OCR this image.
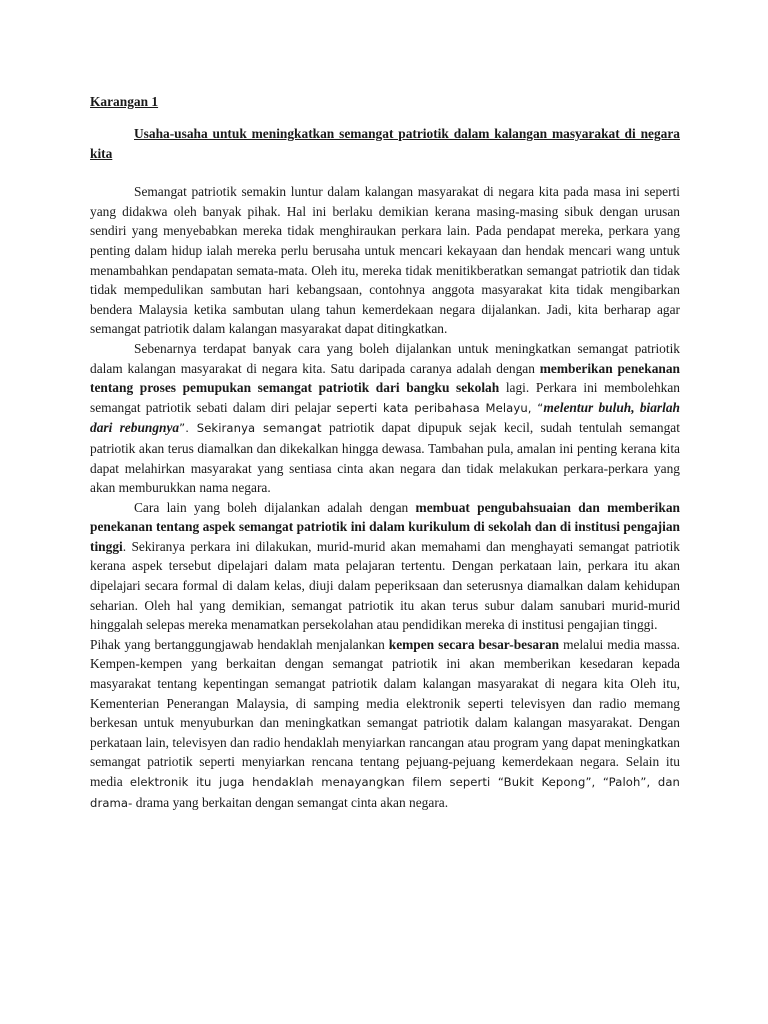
Karangan 1
Usaha-usaha untuk meningkatkan semangat patriotik dalam kalangan masyarakat di negara kita

Semangat patriotik semakin luntur dalam kalangan masyarakat di negara kita pada masa ini seperti yang didakwa oleh banyak pihak. Hal ini berlaku demikian kerana masing-masing sibuk dengan urusan sendiri yang menyebabkan mereka tidak menghiraukan perkara lain. Pada pendapat mereka, perkara yang penting dalam hidup ialah mereka perlu berusaha untuk mencari kekayaan dan hendak mencari wang untuk menambahkan pendapatan semata-mata. Oleh itu, mereka tidak menitikberatkan semangat patriotik dan tidak tidak mempedulikan sambutan hari kebangsaan, contohnya anggota masyarakat kita tidak mengibarkan bendera Malaysia ketika sambutan ulang tahun kemerdekaan negara dijalankan. Jadi, kita berharap agar semangat patriotik dalam kalangan masyarakat dapat ditingkatkan.

Sebenarnya terdapat banyak cara yang boleh dijalankan untuk meningkatkan semangat patriotik dalam kalangan masyarakat di negara kita. Satu daripada caranya adalah dengan memberikan penekanan tentang proses pemupukan semangat patriotik dari bangku sekolah lagi. Perkara ini membolehkan semangat patriotik sebati dalam diri pelajar seperti kata peribahasa Melayu, “melentur buluh, biarlah dari rebungnya”. Sekiranya semangat patriotik dapat dipupuk sejak kecil, sudah tentulah semangat patriotik akan terus diamalkan dan dikekalkan hingga dewasa. Tambahan pula, amalan ini penting kerana kita dapat melahirkan masyarakat yang sentiasa cinta akan negara dan tidak melakukan perkara-perkara yang akan memburukkan nama negara.

Cara lain yang boleh dijalankan adalah dengan membuat pengubahsuaian dan memberikan penekanan tentang aspek semangat patriotik ini dalam kurikulum di sekolah dan di institusi pengajian tinggi. Sekiranya perkara ini dilakukan, murid-murid akan memahami dan menghayati semangat patriotik kerana aspek tersebut dipelajari dalam mata pelajaran tertentu. Dengan perkataan lain, perkara itu akan dipelajari secara formal di dalam kelas, diuji dalam peperiksaan dan seterusnya diamalkan dalam kehidupan seharian. Oleh hal yang demikian, semangat patriotik itu akan terus subur dalam sanubari murid-murid hinggalah selepas mereka menamatkan persekolahan atau pendidikan mereka di institusi pengajian tinggi.

Pihak yang bertanggungjawab hendaklah menjalankan kempen secara besar-besaran melalui media massa. Kempen-kempen yang berkaitan dengan semangat patriotik ini akan memberikan kesedaran kepada masyarakat tentang kepentingan semangat patriotik dalam kalangan masyarakat di negara kita Oleh itu, Kementerian Penerangan Malaysia, di samping media elektronik seperti televisyen dan radio memang berkesan untuk menyuburkan dan meningkatkan semangat patriotik dalam kalangan masyarakat. Dengan perkataan lain, televisyen dan radio hendaklah menyiarkan rancangan atau program yang dapat meningkatkan semangat patriotik seperti menyiarkan rencana tentang pejuang-pejuang kemerdekaan negara. Selain itu media elektronik itu juga hendaklah menayangkan filem seperti “Bukit Kepong”, “Paloh”, dan drama- drama yang berkaitan dengan semangat cinta akan negara.
